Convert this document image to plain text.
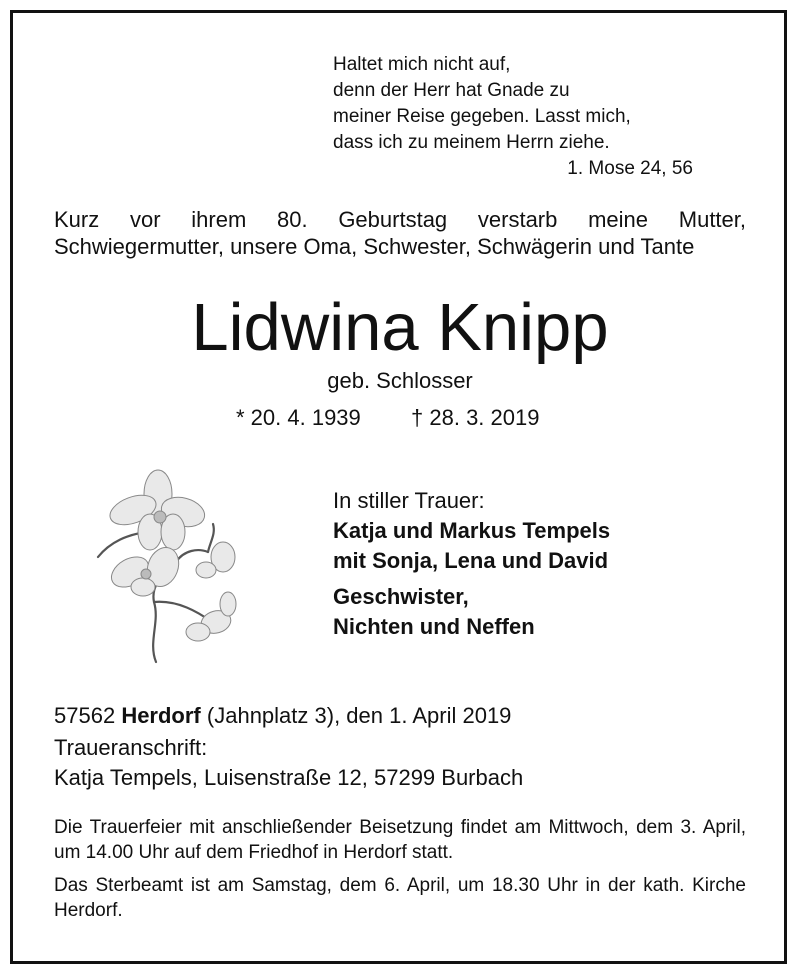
Haltet mich nicht auf,
denn der Herr hat Gnade zu
meiner Reise gegeben. Lasst mich,
dass ich zu meinem Herrn ziehe.
1. Mose 24, 56
Kurz vor ihrem 80. Geburtstag verstarb meine Mutter, Schwiegermutter, unsere Oma, Schwester, Schwägerin und Tante
Lidwina Knipp
geb. Schlosser
* 20. 4. 1939 † 28. 3. 2019
In stiller Trauer:
Katja und Markus Tempels
mit Sonja, Lena und David
Geschwister,
Nichten und Neffen
57562 Herdorf (Jahnplatz 3), den 1. April 2019
Traueranschrift:
Katja Tempels, Luisenstraße 12, 57299 Burbach
Die Trauerfeier mit anschließender Beisetzung findet am Mittwoch, dem 3. April, um 14.00 Uhr auf dem Friedhof in Herdorf statt.
Das Sterbeamt ist am Samstag, dem 6. April, um 18.30 Uhr in der kath. Kirche Herdorf.
